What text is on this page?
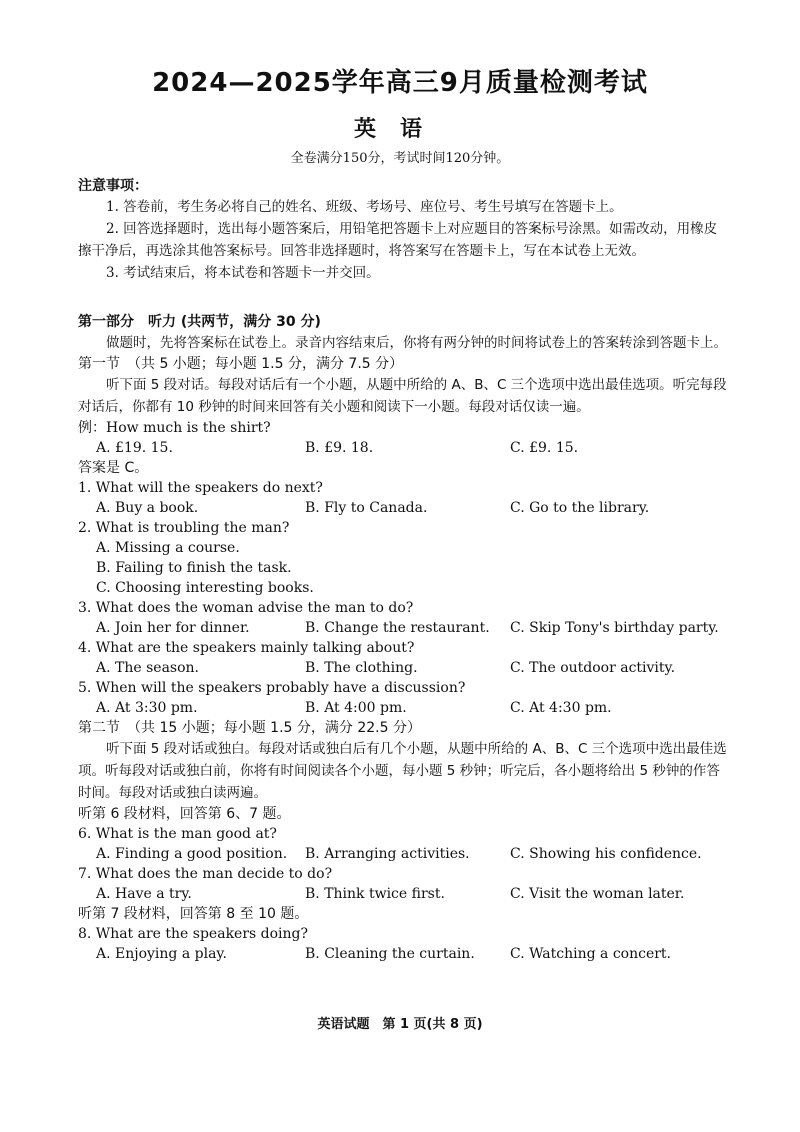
2024—2025学年高三9月质量检测考试
英语
全卷满分150分，考试时间120分钟。
注意事项：
1. 答卷前，考生务必将自己的姓名、班级、考场号、座位号、考生号填写在答题卡上。
2. 回答选择题时，选出每小题答案后，用铅笔把答题卡上对应题目的答案标号涂黑。如需改动，用橡皮擦干净后，再选涂其他答案标号。回答非选择题时，将答案写在答题卡上，写在本试卷上无效。
3. 考试结束后，将本试卷和答题卡一并交回。
第一部分　听力 (共两节，满分 30 分)
做题时，先将答案标在试卷上。录音内容结束后，你将有两分钟的时间将试卷上的答案转涂到答题卡上。
第一节　（共 5 小题；每小题 1.5 分，满分 7.5 分）
听下面 5 段对话。每段对话后有一个小题，从题中所给的 A、B、C 三个选项中选出最佳选项。听完每段对话后，你都有 10 秒钟的时间来回答有关小题和阅读下一小题。每段对话仅读一遍。
例：How much is the shirt?
A. £19. 15.	B. £9. 18.	C. £9. 15.
答案是 C。
1. What will the speakers do next?
A. Buy a book.	B. Fly to Canada.	C. Go to the library.
2. What is troubling the man?
A. Missing a course.
B. Failing to finish the task.
C. Choosing interesting books.
3. What does the woman advise the man to do?
A. Join her for dinner.	B. Change the restaurant. C. Skip Tony's birthday party.
4. What are the speakers mainly talking about?
A. The season.	B. The clothing.	C. The outdoor activity.
5. When will the speakers probably have a discussion?
A. At 3:30 pm.	B. At 4:00 pm.	C. At 4:30 pm.
第二节　（共 15 小题；每小题 1.5 分，满分 22.5 分）
听下面 5 段对话或独白。每段对话或独白后有几个小题，从题中所给的 A、B、C 三个选项中选出最佳选项。听每段对话或独白前，你将有时间阅读各个小题，每小题 5 秒钟；听完后，各小题将给出 5 秒钟的作答时间。每段对话或独白读两遍。
听第 6 段材料，回答第 6、7 题。
6. What is the man good at?
A. Finding a good position. B. Arranging activities.	C. Showing his confidence.
7. What does the man decide to do?
A. Have a try.	B. Think twice first.	C. Visit the woman later.
听第 7 段材料，回答第 8 至 10 题。
8. What are the speakers doing?
A. Enjoying a play.	B. Cleaning the curtain.	C. Watching a concert.
英语试题　第 1 页(共 8 页)
